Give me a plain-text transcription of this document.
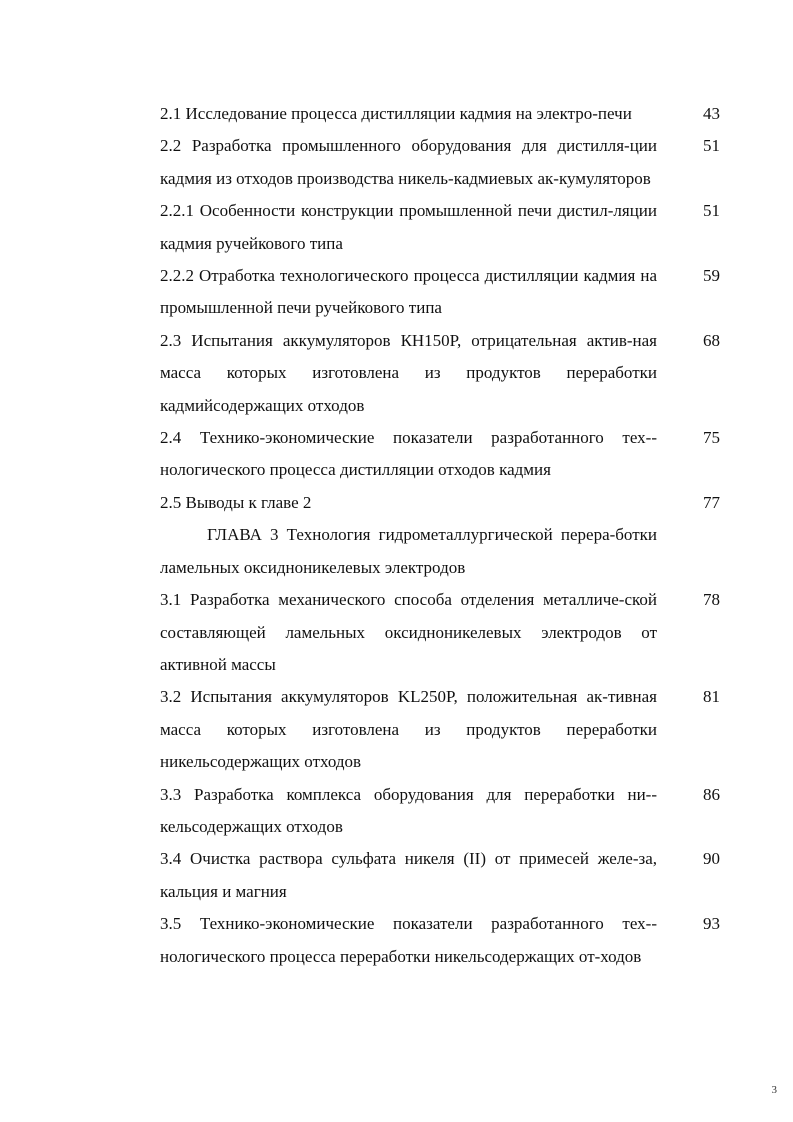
2.1 Исследование процесса дистилляции кадмия на электро-печи	43
2.2 Разработка промышленного оборудования для дистилля-ции кадмия из отходов производства никель-кадмиевых ак-кумуляторов
51
2.2.1 Особенности конструкции промышленной печи дистил-ляции кадмия ручейкового типа
51
2.2.2 Отработка технологического процесса дистилляции кадмия на промышленной печи ручейкового типа
59
2.3 Испытания аккумуляторов КН150Р, отрицательная актив-ная масса которых изготовлена из продуктов переработки кадмийсодержащих отходов
68
2.4 Технико-экономические показатели разработанного тех-нологического процесса дистилляции отходов кадмия
75
2.5 Выводы к главе 2	77
ГЛАВА 3 Технология гидрометаллургической перера-ботки ламельных оксидноникелевых электродов
3.1 Разработка механического способа отделения металличе-ской составляющей ламельных оксидноникелевых электродов от активной массы
78
3.2 Испытания аккумуляторов KL250P, положительная ак-тивная масса которых изготовлена из продуктов переработки никельсодержащих отходов
81
3.3 Разработка комплекса оборудования для переработки ни-кельсодержащих отходов
86
3.4 Очистка раствора сульфата никеля (II) от примесей желе-за, кальция и магния
90
3.5 Технико-экономические показатели разработанного тех-нологического процесса переработки никельсодержащих от-ходов
93
3
